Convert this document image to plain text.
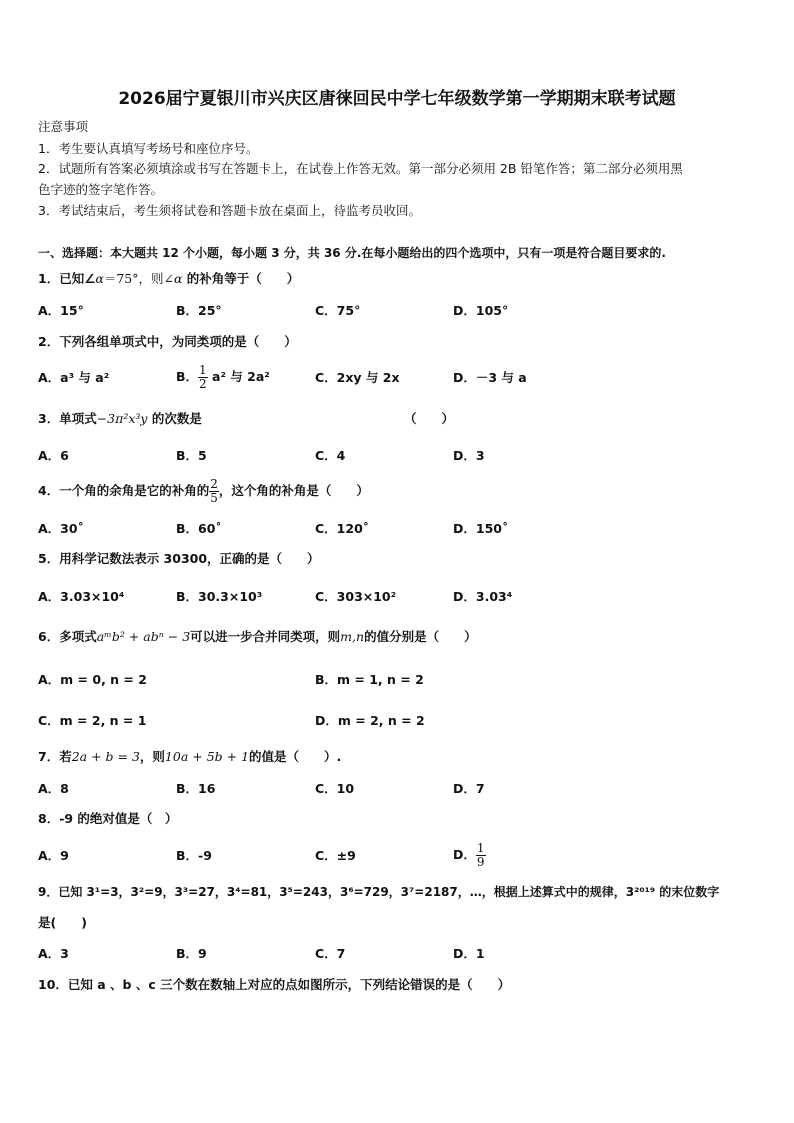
2026届宁夏银川市兴庆区唐徕回民中学七年级数学第一学期期末联考试题
注意事项
1．考生要认真填写考场号和座位序号。
2．试题所有答案必须填涂或书写在答题卡上，在试卷上作答无效。第一部分必须用 2B 铅笔作答；第二部分必须用黑
色字迹的签字笔作答。
3．考试结束后，考生须将试卷和答题卡放在桌面上，待监考员收回。
一、选择题：本大题共 12 个小题，每小题 3 分，共 36 分.在每小题给出的四个选项中，只有一项是符合题目要求的.
1．已知∠α＝75°，则∠α 的补角等于（　　）
A．15°	B．25°	C．75°	D．105°
2．下列各组单项式中，为同类项的是（　　）
A．a³ 与 a²	B． $\frac{1}{2} a^2$ 与 2a²	C．2xy 与 2x	D．－3 与 a
3．单项式−3π²x³y 的次数是	（　　）
A．6	B．5	C．4	D．3
4．一个角的余角是它的补角的 $\frac{2}{5}$ ，这个角的补角是（　　）
A．30˚	B．60˚	C．120˚	D．150˚
5．用科学记数法表示 30300，正确的是（　　）
A．3.03×10⁴	B．30.3×10³	C．303×10²	D．3.03⁴
6．多项式aᵐb² + abⁿ − 3可以进一步合并同类项，则m,n的值分别是（　　）
A．m = 0, n = 2	B．m = 1, n = 2
C．m = 2, n = 1	D．m = 2, n = 2
7．若2a + b = 3，则10a + 5b + 1的值是（　　）.
A．8	B．16	C．10	D．7
8．-9 的绝对值是（　）
A．9	B．-9	C．±9	D． $\frac{1}{9}$
9．已知 3¹=3，3²=9，3³=27，3⁴=81，3⁵=243，3⁶=729，3⁷=2187，…，根据上述算式中的规律，3²⁰¹⁹ 的末位数字
是(　　)
A．3	B．9	C．7	D．1
10．已知 a 、b 、c 三个数在数轴上对应的点如图所示，下列结论错误的是（　　）
